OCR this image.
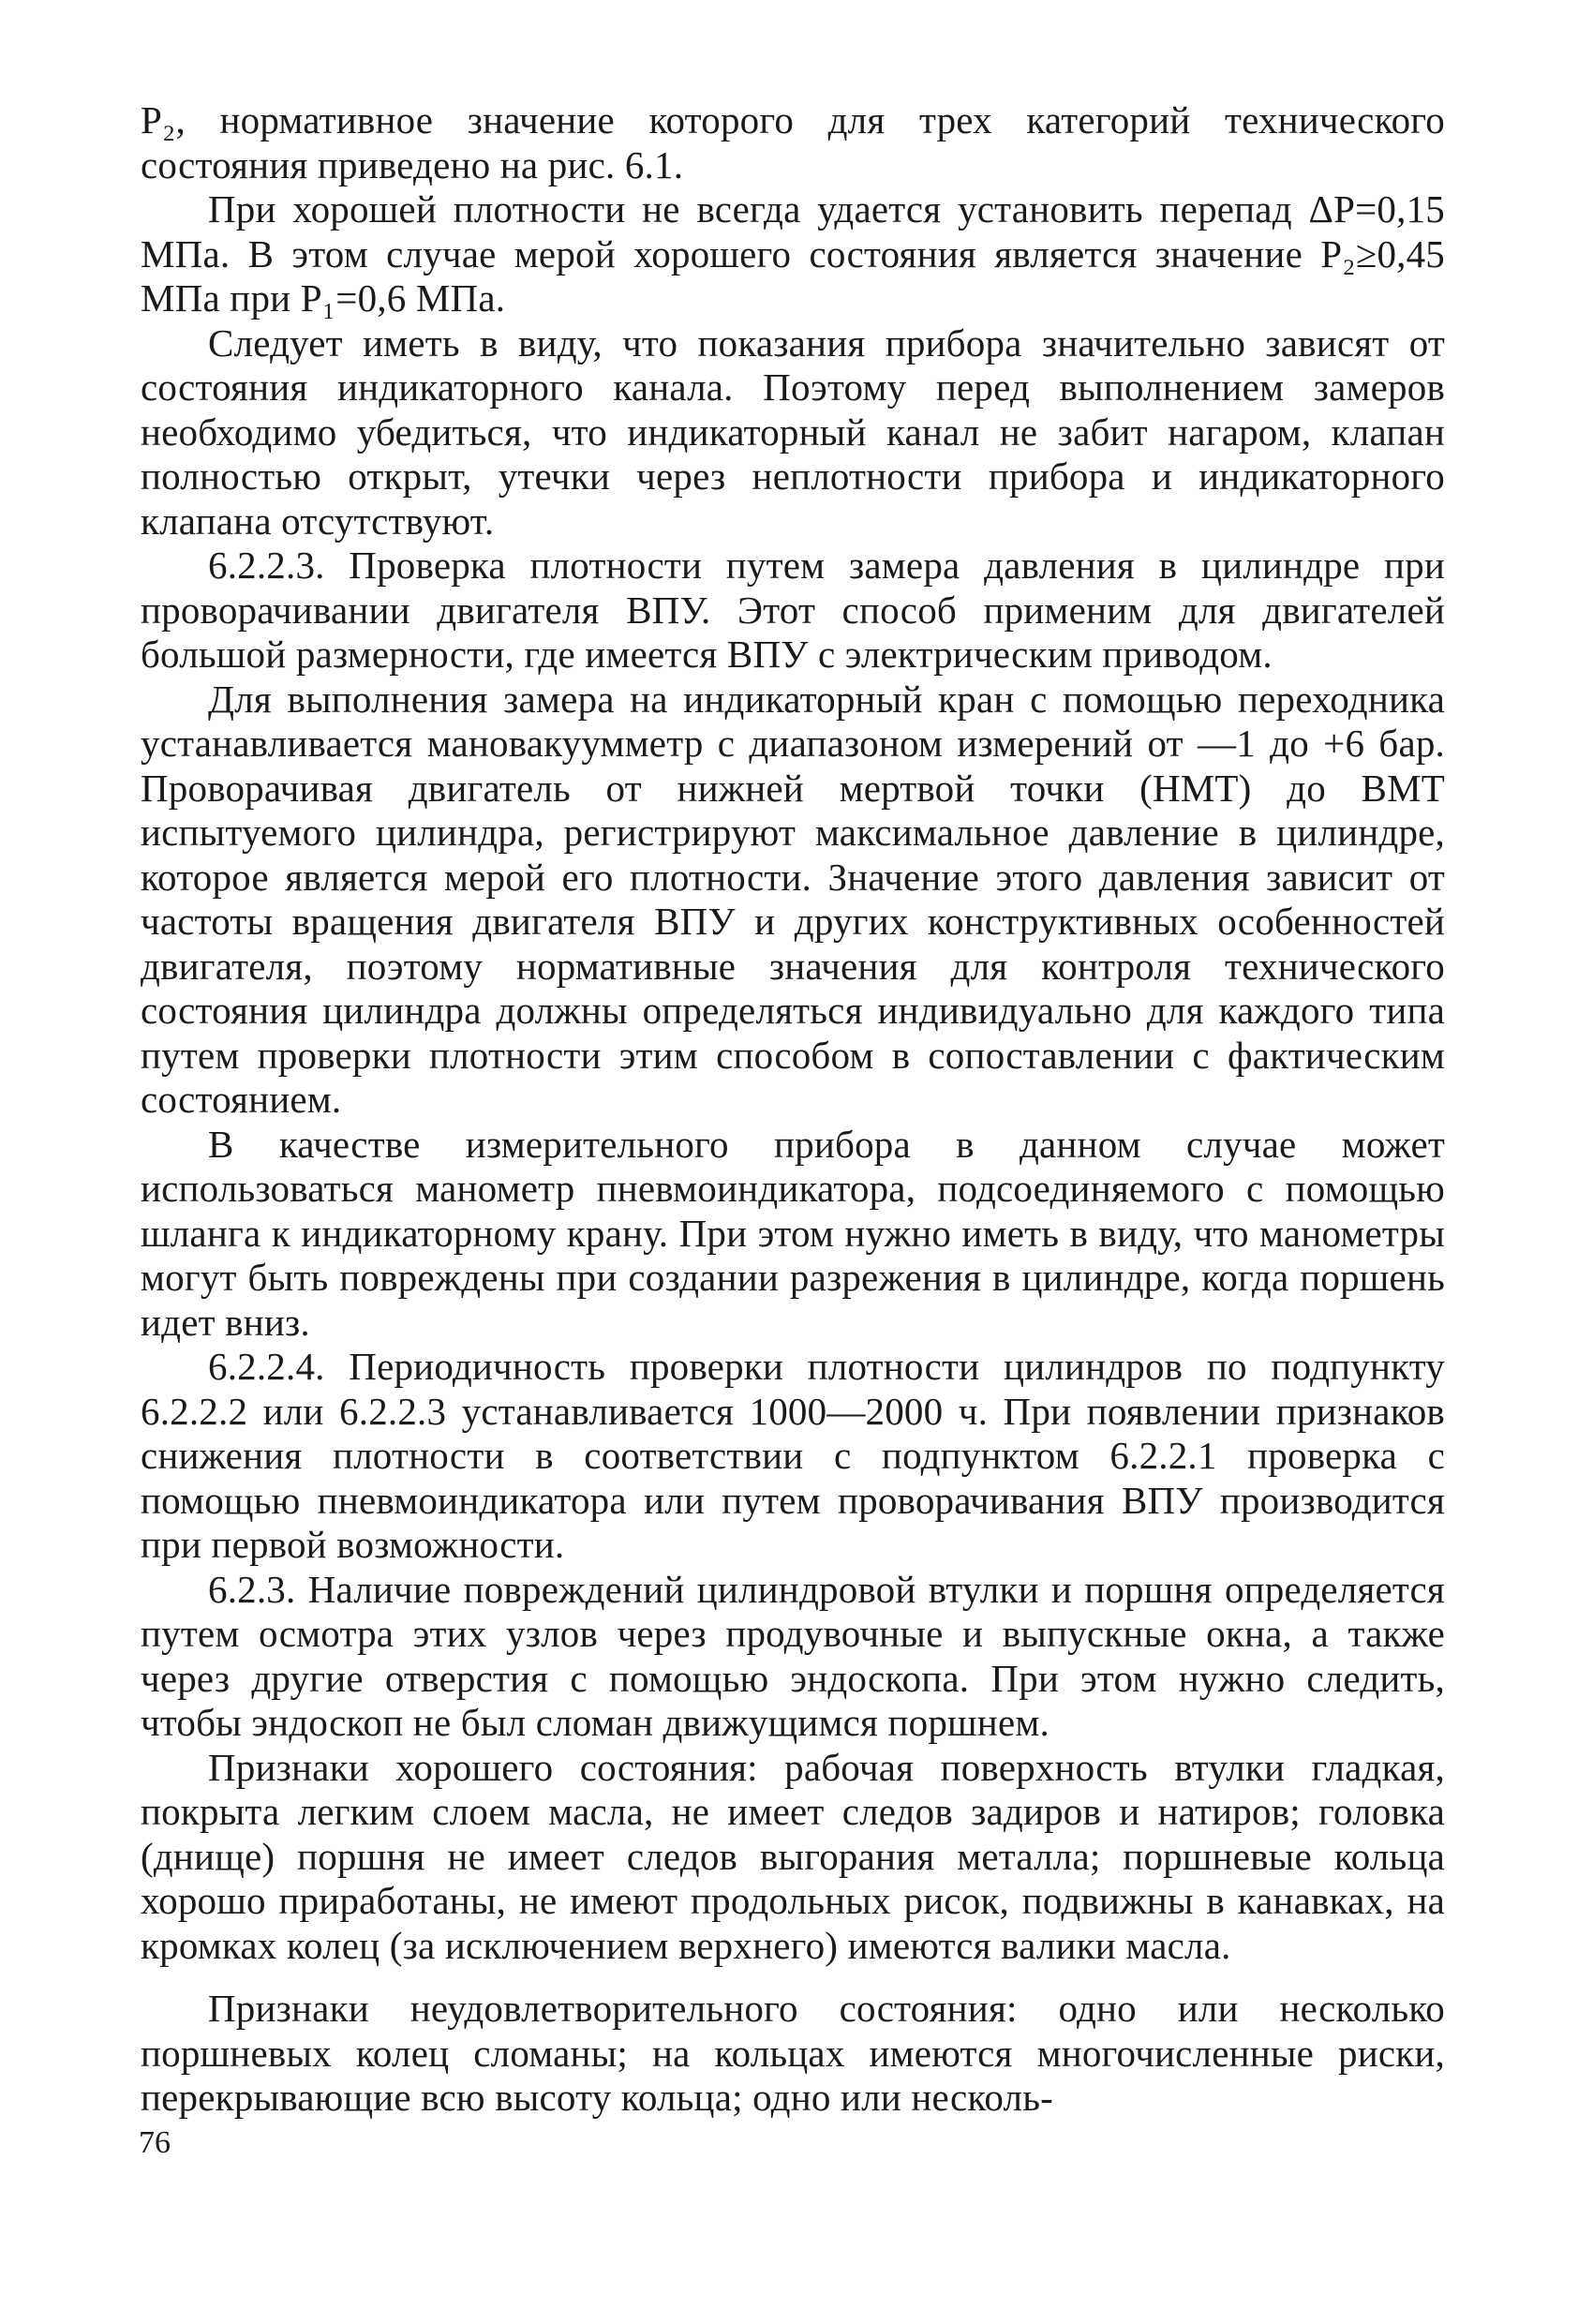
P₂, нормативное значение которого для трех категорий технического состояния приведено на рис. 6.1.

При хорошей плотности не всегда удается установить перепад ΔP=0,15 МПа. В этом случае мерой хорошего состояния является значение P₂≥0,45 МПа при P₁=0,6 МПа.

Следует иметь в виду, что показания прибора значительно зависят от состояния индикаторного канала. Поэтому перед выполнением замеров необходимо убедиться, что индикаторный канал не забит нагаром, клапан полностью открыт, утечки через неплотности прибора и индикаторного клапана отсутствуют.

6.2.2.3. Проверка плотности путем замера давления в цилиндре при проворачивании двигателя ВПУ. Этот способ применим для двигателей большой размерности, где имеется ВПУ с электрическим приводом.

Для выполнения замера на индикаторный кран с помощью переходника устанавливается мановакуумметр с диапазоном измерений от —1 до +6 бар. Проворачивая двигатель от нижней мертвой точки (НМТ) до ВМТ испытуемого цилиндра, регистрируют максимальное давление в цилиндре, которое является мерой его плотности. Значение этого давления зависит от частоты вращения двигателя ВПУ и других конструктивных особенностей двигателя, поэтому нормативные значения для контроля технического состояния цилиндра должны определяться индивидуально для каждого типа путем проверки плотности этим способом в сопоставлении с фактическим состоянием.

В качестве измерительного прибора в данном случае может использоваться манометр пневмоиндикатора, подсоединяемого с помощью шланга к индикаторному крану. При этом нужно иметь в виду, что манометры могут быть повреждены при создании разрежения в цилиндре, когда поршень идет вниз.

6.2.2.4. Периодичность проверки плотности цилиндров по подпункту 6.2.2.2 или 6.2.2.3 устанавливается 1000—2000 ч. При появлении признаков снижения плотности в соответствии с подпунктом 6.2.2.1 проверка с помощью пневмоиндикатора или путем проворачивания ВПУ производится при первой возможности.

6.2.3. Наличие повреждений цилиндровой втулки и поршня определяется путем осмотра этих узлов через продувочные и выпускные окна, а также через другие отверстия с помощью эндоскопа. При этом нужно следить, чтобы эндоскоп не был сломан движущимся поршнем.

Признаки хорошего состояния: рабочая поверхность втулки гладкая, покрыта легким слоем масла, не имеет следов задиров и натиров; головка (днище) поршня не имеет следов выгорания металла; поршневые кольца хорошо приработаны, не имеют продольных рисок, подвижны в канавках, на кромках колец (за исключением верхнего) имеются валики масла.

Признаки неудовлетворительного состояния: одно или несколько поршневых колец сломаны; на кольцах имеются многочисленные риски, перекрывающие всю высоту кольца; одно или несколь-

76
